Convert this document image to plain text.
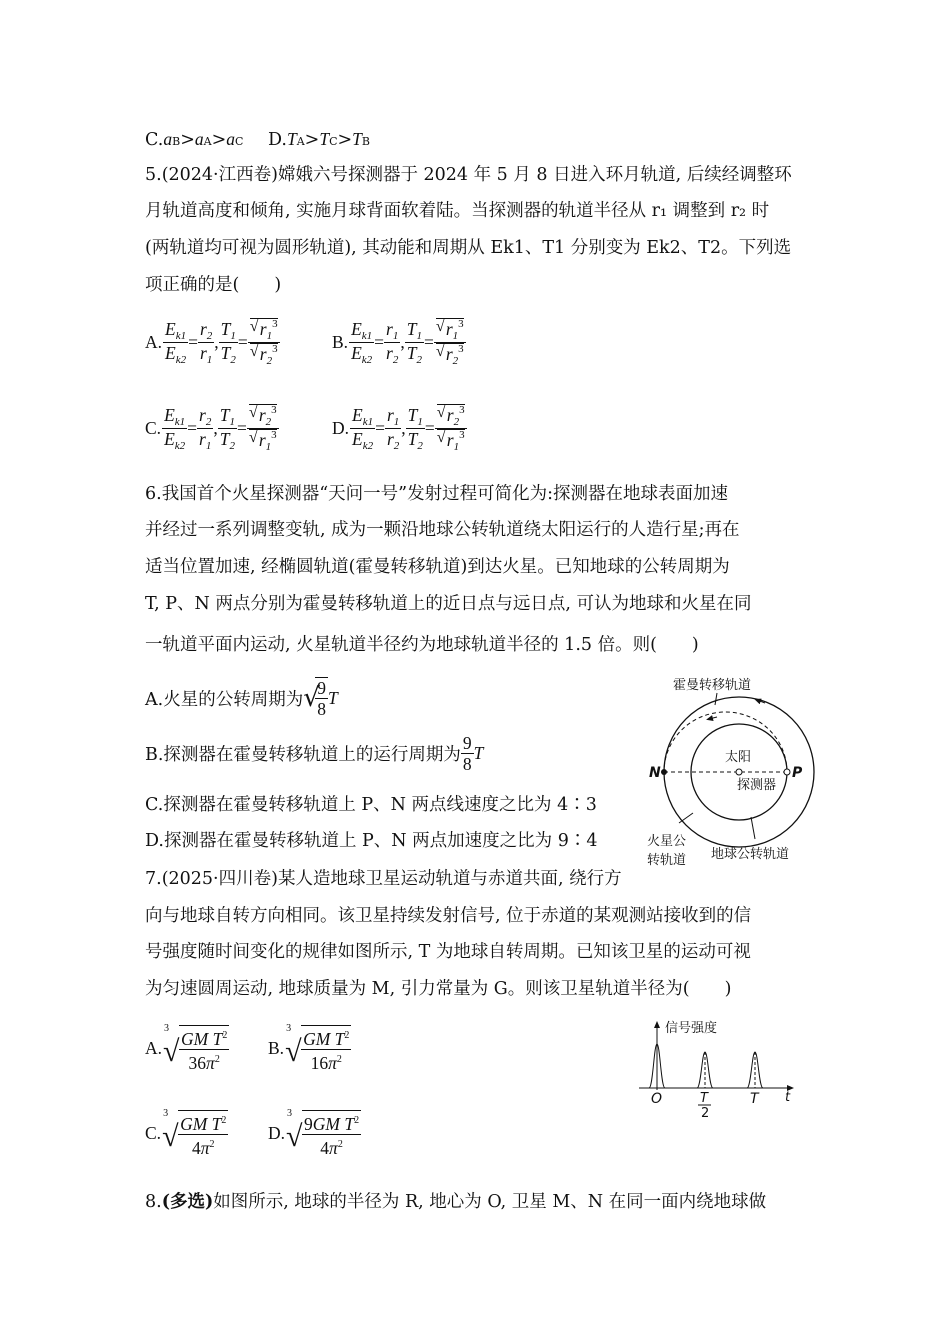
C.aB>aA>aC D.TA>TC>TB
5.(2024·江西卷)嫦娥六号探测器于 2024 年 5 月 8 日进入环月轨道, 后续经调整环
月轨道高度和倾角, 实施月球背面软着陆。当探测器的轨道半径从 r₁ 调整到 r₂ 时
(两轨道均可视为圆形轨道), 其动能和周期从 Ek1、T1 分别变为 Ek2、T2。下列选
项正确的是(　　)
A. $\frac{E_{k1}}{E_{k2}} = \frac{r_2}{r_1}$ , $\frac{T_1}{T_2} = \frac{√ r_1^3}{√ r_2^3}$	B. $\frac{E_{k1}}{E_{k2}} = \frac{r_1}{r_2}$ , $\frac{T_1}{T_2} = \frac{√ r_1^3}{√ r_2^3}$
C. $\frac{E_{k1}}{E_{k2}} = \frac{r_2}{r_1}$ , $\frac{T_1}{T_2} = \frac{√ r_2^3}{√ r_1^3}$	D. $\frac{E_{k1}}{E_{k2}} = \frac{r_1}{r_2}$ , $\frac{T_1}{T_2} = \frac{√ r_2^3}{√ r_1^3}$
6.我国首个火星探测器“天问一号”发射过程可简化为:探测器在地球表面加速
并经过一系列调整变轨, 成为一颗沿地球公转轨道绕太阳运行的人造行星;再在
适当位置加速, 经椭圆轨道(霍曼转移轨道)到达火星。已知地球的公转周期为
T, P、N 两点分别为霍曼转移轨道上的近日点与远日点, 可认为地球和火星在同
一轨道平面内运动, 火星轨道半径约为地球轨道半径的 1.5 倍。则(　　)
A.火星的公转周期为 √
$\frac{9}{8}$ T
B.探测器在霍曼转移轨道上的运行周期为 $\frac{9}{8}$ T
C.探测器在霍曼转移轨道上 P、N 两点线速度之比为 4∶3
D.探测器在霍曼转移轨道上 P、N 两点加速度之比为 9∶4
霍曼转移轨道
太阳
探测器
N	P
火星公
转轨道 地球公转轨道
7.(2025·四川卷)某人造地球卫星运动轨道与赤道共面, 绕行方
向与地球自转方向相同。该卫星持续发射信号, 位于赤道的某观测站接收到的信
号强度随时间变化的规律如图所示, T 为地球自转周期。已知该卫星的运动可视
为匀速圆周运动, 地球质量为 M, 引力常量为 G。则该卫星轨道半径为(　　)
A.
3
√ $\frac{GM T^2}{36\pi^2} B$.
3
√ $\frac{GM T^2}{16\pi^2}$
C.
3
√ $\frac{GM T^2}{4\pi^2} D$.
3
√ $\frac{9GM T^2}{4\pi^2}$
信号强度
O	T
2
T t
8.(多选)如图所示, 地球的半径为 R, 地心为 O, 卫星 M、N 在同一面内绕地球做
